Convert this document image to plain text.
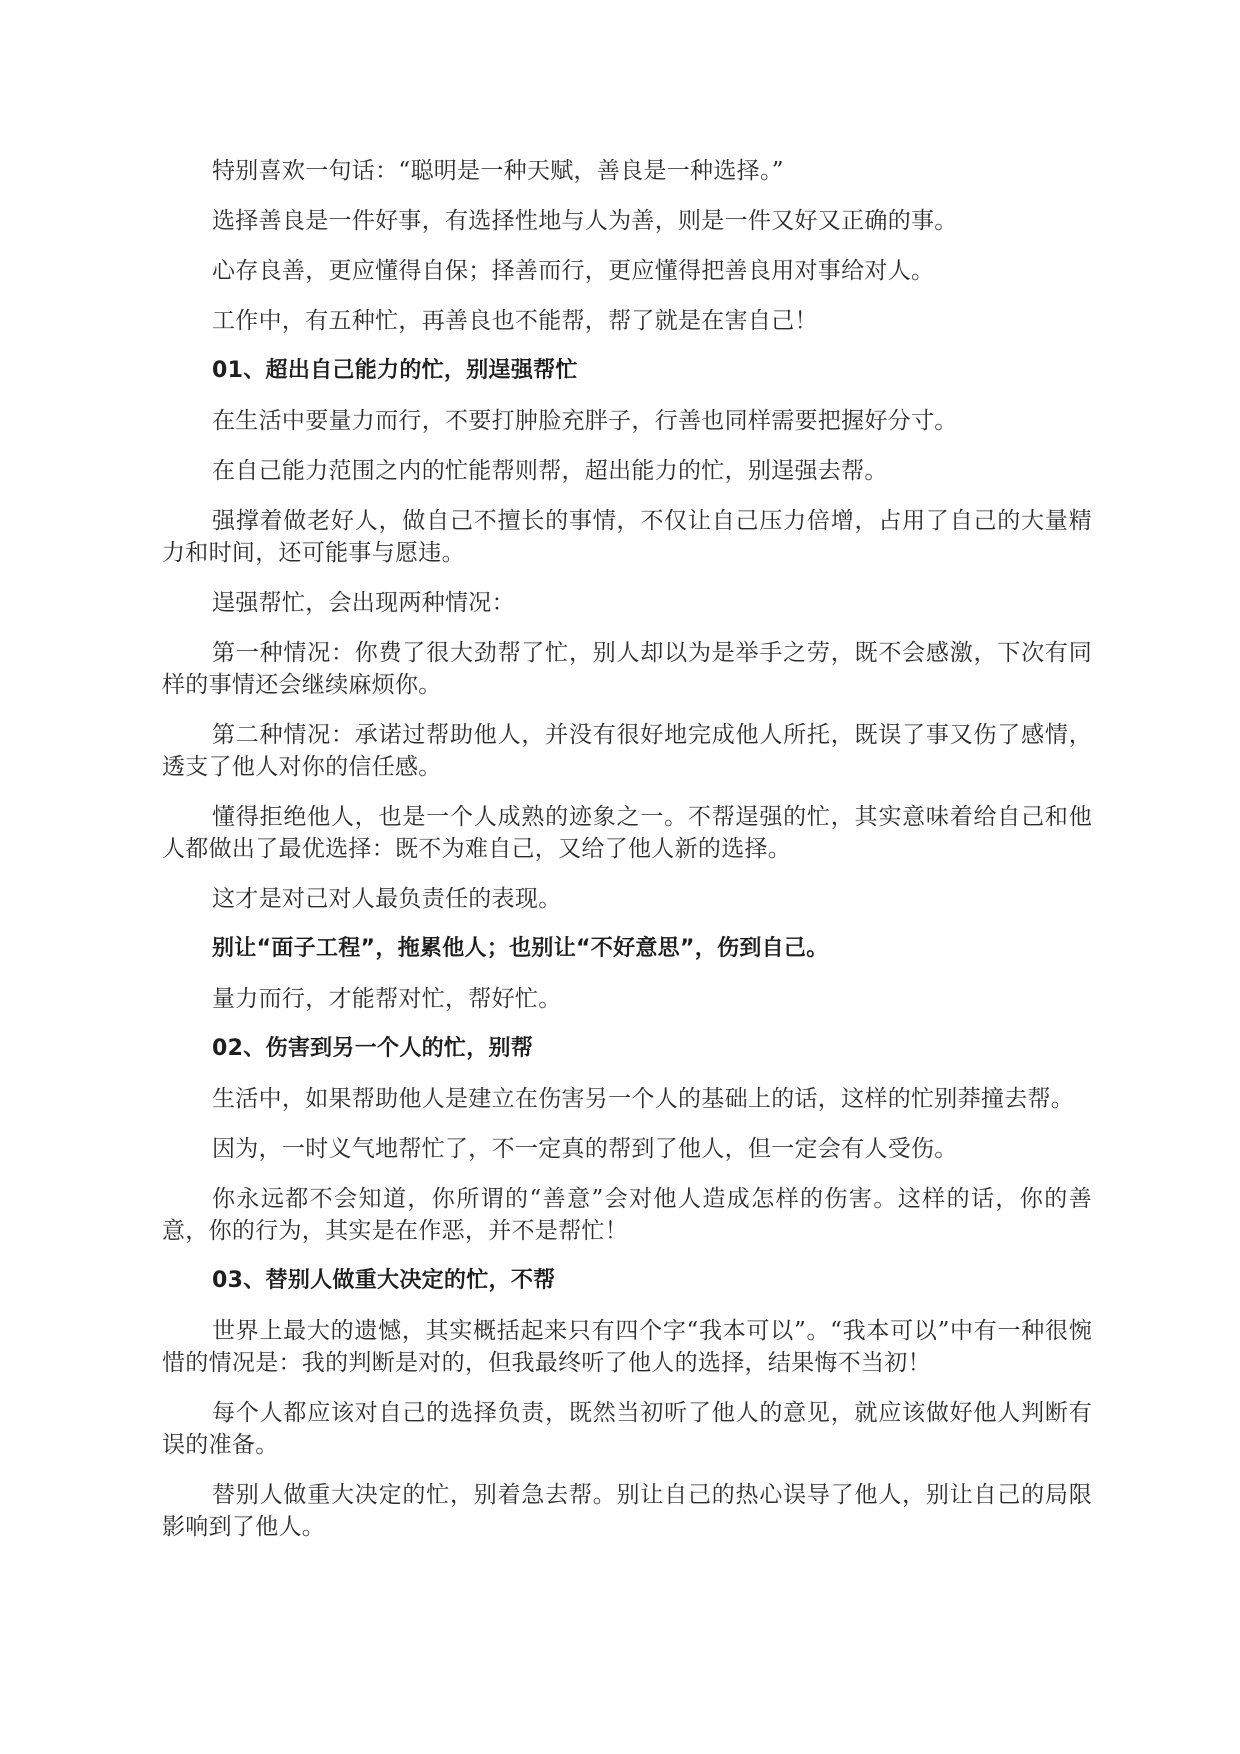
特别喜欢一句话：“聪明是一种天赋，善良是一种选择。”

选择善良是一件好事，有选择性地与人为善，则是一件又好又正确的事。

心存良善，更应懂得自保；择善而行，更应懂得把善良用对事给对人。

工作中，有五种忙，再善良也不能帮，帮了就是在害自己！

01、超出自己能力的忙，别逞强帮忙

在生活中要量力而行，不要打肿脸充胖子，行善也同样需要把握好分寸。

在自己能力范围之内的忙能帮则帮，超出能力的忙，别逞强去帮。

强撑着做老好人，做自己不擅长的事情，不仅让自己压力倍增，占用了自己的大量精力和时间，还可能事与愿违。

逞强帮忙，会出现两种情况：

第一种情况：你费了很大劲帮了忙，别人却以为是举手之劳，既不会感激，下次有同样的事情还会继续麻烦你。

第二种情况：承诺过帮助他人，并没有很好地完成他人所托，既误了事又伤了感情，透支了他人对你的信任感。

懂得拒绝他人，也是一个人成熟的迹象之一。不帮逞强的忙，其实意味着给自己和他人都做出了最优选择：既不为难自己，又给了他人新的选择。

这才是对己对人最负责任的表现。

别让“面子工程”，拖累他人；也别让“不好意思”，伤到自己。

量力而行，才能帮对忙，帮好忙。

02、伤害到另一个人的忙，别帮

生活中，如果帮助他人是建立在伤害另一个人的基础上的话，这样的忙别莽撞去帮。

因为，一时义气地帮忙了，不一定真的帮到了他人，但一定会有人受伤。

你永远都不会知道，你所谓的“善意”会对他人造成怎样的伤害。这样的话，你的善意，你的行为，其实是在作恶，并不是帮忙！

03、替别人做重大决定的忙，不帮

世界上最大的遗憾，其实概括起来只有四个字“我本可以”。“我本可以”中有一种很惋惜的情况是：我的判断是对的，但我最终听了他人的选择，结果悔不当初！

每个人都应该对自己的选择负责，既然当初听了他人的意见，就应该做好他人判断有误的准备。

替别人做重大决定的忙，别着急去帮。别让自己的热心误导了他人，别让自己的局限影响到了他人。
